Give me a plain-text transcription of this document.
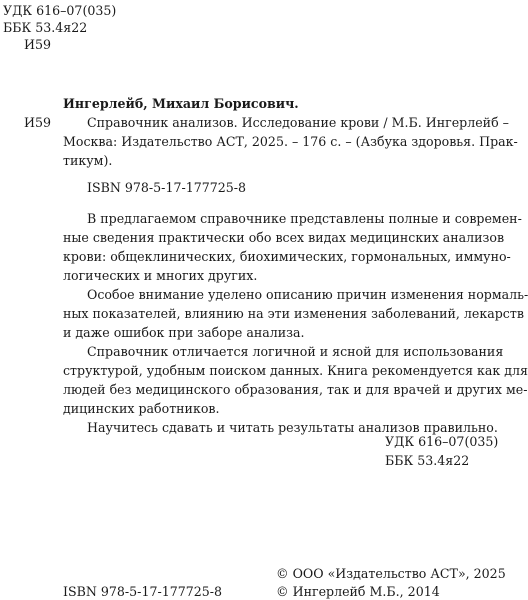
УДК 616–07(035)
ББК 53.4я22
И59
Ингерлейб, Михаил Борисович.
И59	Справочник анализов. Исследование крови / М.Б. Ингерлейб –
Москва: Издательство АСТ, 2025. – 176 с. – (Азбука здоровья. Прак-
тикум).
ISBN 978-5-17-177725-8
В предлагаемом справочнике представлены полные и современ-
ные сведения практически обо всех видах медицинских анализов
крови: общеклинических, биохимических, гормональных, иммуно-
логических и многих других.
Особое внимание уделено описанию причин изменения нормаль-
ных показателей, влиянию на эти изменения заболеваний, лекарств
и даже ошибок при заборе анализа.
Справочник отличается логичной и ясной для использования
структурой, удобным поиском данных. Книга рекомендуется как для
людей без медицинского образования, так и для врачей и других ме-
дицинских работников.
Научитесь сдавать и читать результаты анализов правильно.
УДК 616–07(035)
ББК 53.4я22
ISBN 978-5-17-177725-8
© ООО «Издательство АСТ», 2025
© Ингерлейб М.Б., 2014
